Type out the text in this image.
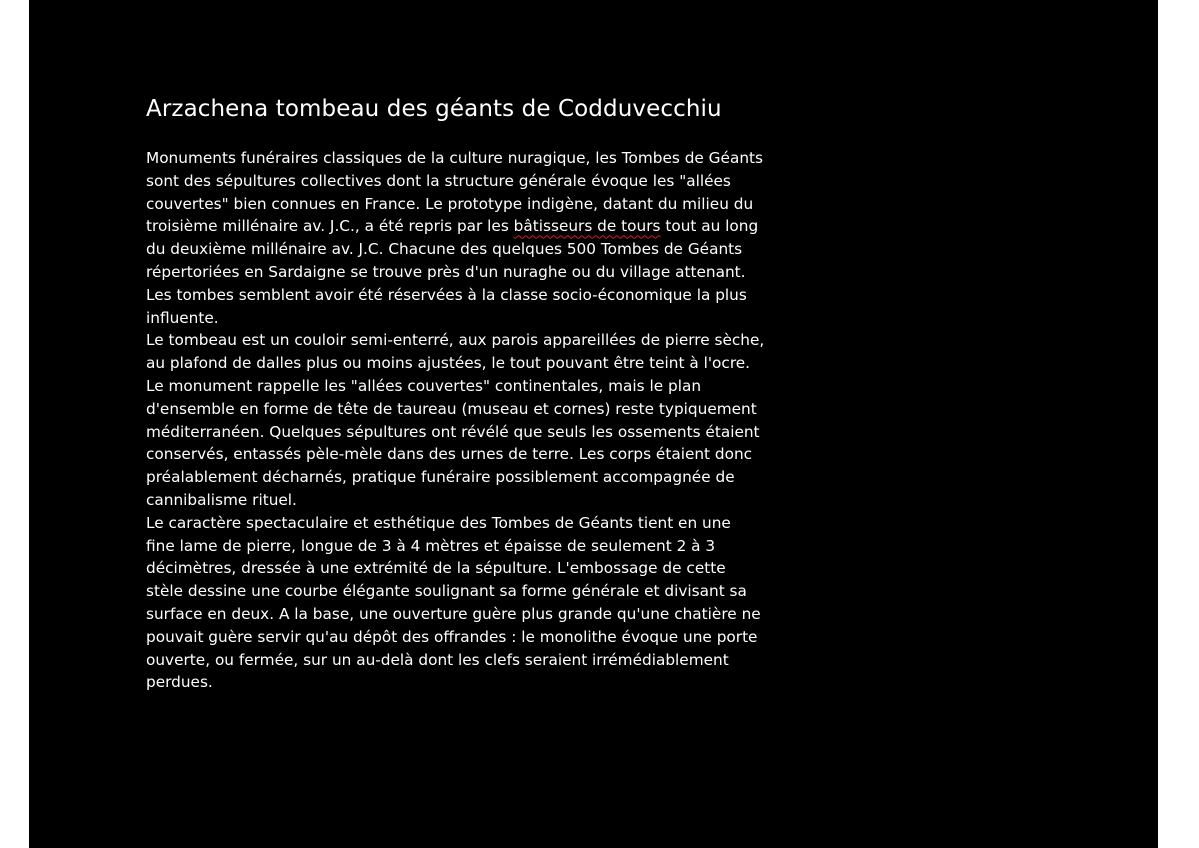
Arzachena tombeau des géants de Codduvecchiu
Monuments funéraires classiques de la culture nuragique, les Tombes de Géants
sont des sépultures collectives dont la structure générale évoque les "allées
couvertes" bien connues en France. Le prototype indigène, datant du milieu du
troisième millénaire av. J.C., a été repris par les bâtisseurs de tours tout au long
du deuxième millénaire av. J.C. Chacune des quelques 500 Tombes de Géants
répertoriées en Sardaigne se trouve près d'un nuraghe ou du village attenant.
Les tombes semblent avoir été réservées à la classe socio-économique la plus
influente.
Le tombeau est un couloir semi-enterré, aux parois appareillées de pierre sèche,
au plafond de dalles plus ou moins ajustées, le tout pouvant être teint à l'ocre.
Le monument rappelle les "allées couvertes" continentales, mais le plan
d'ensemble en forme de tête de taureau (museau et cornes) reste typiquement
méditerranéen. Quelques sépultures ont révélé que seuls les ossements étaient
conservés, entassés pèle-mèle dans des urnes de terre. Les corps étaient donc
préalablement décharnés, pratique funéraire possiblement accompagnée de
cannibalisme rituel.
Le caractère spectaculaire et esthétique des Tombes de Géants tient en une
fine lame de pierre, longue de 3 à 4 mètres et épaisse de seulement 2 à 3
décimètres, dressée à une extrémité de la sépulture. L'embossage de cette
stèle dessine une courbe élégante soulignant sa forme générale et divisant sa
surface en deux. A la base, une ouverture guère plus grande qu'une chatière ne
pouvait guère servir qu'au dépôt des offrandes : le monolithe évoque une porte
ouverte, ou fermée, sur un au-delà dont les clefs seraient irrémédiablement
perdues.
